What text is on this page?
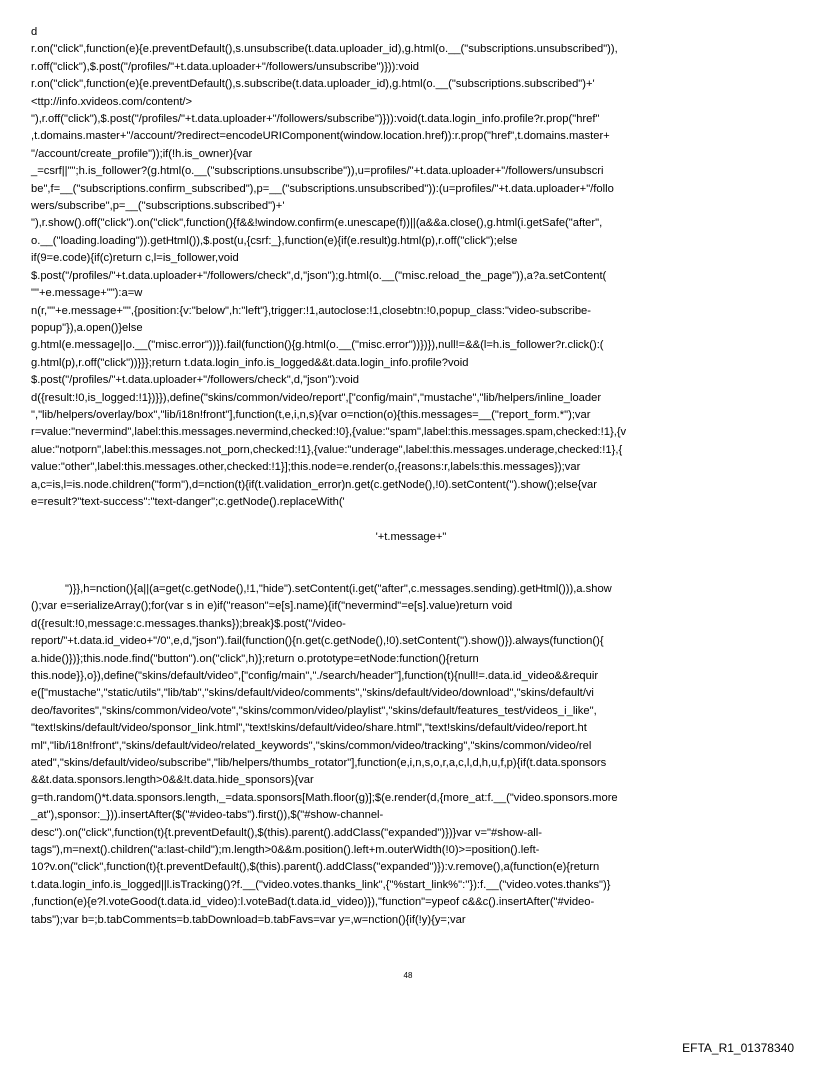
d

r.on("click",function(e){e.preventDefault(),s.unsubscribe(t.data.uploader_id),g.html(o.__("subscriptions.unsubscribed")),

r.off("click"),$.post("/profiles/"+t.data.uploader+"/followers/unsubscribe")})):void

r.on("click",function(e){e.preventDefault(),s.subscribe(t.data.uploader_id),g.html(o.__("subscriptions.subscribed")+'

<ttp://info.xvideos.com/content/>

"),r.off("click"),$.post("/profiles/"+t.data.uploader+"/followers/subscribe")})):void(t.data.login_info.profile?r.prop("href"

,t.domains.master+"/account/?redirect=encodeURIComponent(window.location.href)):r.prop("href",t.domains.master+

"/account/create_profile"));if(!h.is_owner){var

_=csrf||"";h.is_follower?(g.html(o.__("subscriptions.unsubscribe")),u=profiles/"+t.data.uploader+"/followers/unsubscri

be",f=__("subscriptions.confirm_subscribed"),p=__("subscriptions.unsubscribed")):(u=profiles/"+t.data.uploader+"/follo

wers/subscribe",p=__("subscriptions.subscribed")+'

"),r.show().off("click").on("click",function(){f&&!window.confirm(e.unescape(f))||(a&&a.close(),g.html(i.getSafe("after",

o.__("loading.loading")).getHtml()),$.post(u,{csrf:_},function(e){if(e.result)g.html(p),r.off("click");else

if(9=e.code){if(c)return c,l=is_follower,void

$.post("/profiles/"+t.data.uploader+"/followers/check",d,"json");g.html(o.__("misc.reload_the_page")),a?a.setContent(

""+e.message+""):a=w

n(r,""+e.message+"",{position:{v:"below",h:"left"},trigger:!1,autoclose:!1,closebtn:!0,popup_class:"video-subscribe-

popup"}),a.open()}else

g.html(e.message||o.__("misc.error"))}).fail(function(){g.html(o.__("misc.error"))})}),null!=&&(l=h.is_follower?r.click():(

g.html(p),r.off("click"))}}};return t.data.login_info.is_logged&&t.data.login_info.profile?void

$.post("/profiles/"+t.data.uploader+"/followers/check",d,"json"):void

d({result:!0,is_logged:!1})}}),define("skins/common/video/report",["config/main","mustache","lib/helpers/inline_loader

","lib/helpers/overlay/box","lib/i18n!front"],function(t,e,i,n,s){var o=nction(o){this.messages=__("report_form.*");var

r=value:"nevermind",label:this.messages.nevermind,checked:!0},{value:"spam",label:this.messages.spam,checked:!1},{v

alue:"notporn",label:this.messages.not_porn,checked:!1},{value:"underage",label:this.messages.underage,checked:!1},{

value:"other",label:this.messages.other,checked:!1}];this.node=e.render(o,{reasons:r,labels:this.messages});var

a,c=is,l=is.node.children("form"),d=nction(t){if(t.validation_error)n.get(c.getNode(),!0).setContent('').show();else{var

e=result?"text-success":"text-danger";c.getNode().replaceWith('

'+t.message+"

")}},h=nction(){a||(a=get(c.getNode(),!1,"hide").setContent(i.get("after",c.messages.sending).getHtml())),a.show

();var e=serializeArray();for(var s in e)if("reason"=e[s].name){if("nevermind"=e[s].value)return void

d({result:!0,message:c.messages.thanks});break}$.post("/video-

report/"+t.data.id_video+"/0",e,d,"json").fail(function(){n.get(c.getNode(),!0).setContent('').show()}).always(function(){

a.hide()})};this.node.find("button").on("click",h)};return o.prototype=etNode:function(){return

this.node}},o}),define("skins/default/video",["config/main","./search/header"],function(t){null!=.data.id_video&&requir

e(["mustache","static/utils","lib/tab","skins/default/video/comments","skins/default/video/download","skins/default/vi

deo/favorites","skins/common/video/vote","skins/common/video/playlist","skins/default/features_test/videos_i_like",

"text!skins/default/video/sponsor_link.html","text!skins/default/video/share.html","text!skins/default/video/report.ht

ml","lib/i18n!front","skins/default/video/related_keywords","skins/common/video/tracking","skins/common/video/rel

ated","skins/default/video/subscribe","lib/helpers/thumbs_rotator"],function(e,i,n,s,o,r,a,c,l,d,h,u,f,p){if(t.data.sponsors

&&t.data.sponsors.length>0&&!t.data.hide_sponsors){var

g=th.random()*t.data.sponsors.length,_=data.sponsors[Math.floor(g)];$(e.render(d,{more_at:f.__("video.sponsors.more

_at"),sponsor:_})).insertAfter($("#video-tabs").first()),$("#show-channel-

desc").on("click",function(t){t.preventDefault(),$(this).parent().addClass("expanded")})}var v="#show-all-

tags"),m=next().children("a:last-child");m.length>0&&m.position().left+m.outerWidth(!0)>=position().left-

10?v.on("click",function(t){t.preventDefault(),$(this).parent().addClass("expanded")}):v.remove(),a(function(e){return

t.data.login_info.is_logged||l.isTracking()?f.__("video.votes.thanks_link",{"%start_link%":''}):f.__("video.votes.thanks")}

,function(e){e?l.voteGood(t.data.id_video):l.voteBad(t.data.id_video)}),"function"=ypeof c&&c().insertAfter("#video-

tabs");var b=;b.tabComments=b.tabDownload=b.tabFavs=var y=,w=nction(){if(!y){y=;var

48
EFTA_R1_01378340
